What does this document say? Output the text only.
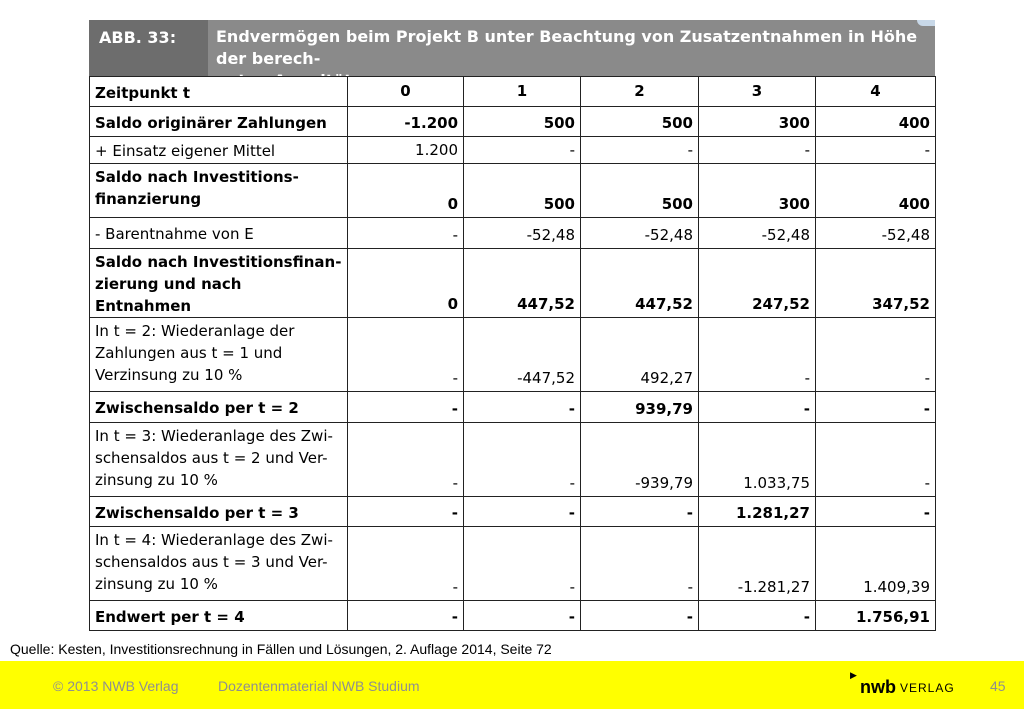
ABB. 33:	Endvermögen beim Projekt B unter Beachtung von Zusatzentnahmen in Höhe der berech-
neten Annuität
Zeitpunkt t	0	1	2	3	4
Saldo originärer Zahlungen	-1.200	500	500	300	400
+ Einsatz eigener Mittel	1.200	-	-	-	-
Saldo nach Investitions-
finanzierung	0	500	500	300	400
- Barentnahme von E	-	-52,48	-52,48	-52,48	-52,48
Saldo nach Investitionsfinan-
zierung und nach Entnahmen	0	447,52	447,52	247,52	347,52
In t = 2: Wiederanlage der
Zahlungen aus t = 1 und
Verzinsung zu 10 %	-	-447,52	492,27	-	-
Zwischensaldo per t = 2	-	-	939,79	-	-
In t = 3: Wiederanlage des Zwi-
schensaldos aus t = 2 und Ver-
zinsung zu 10 %	-	-	-939,79	1.033,75	-
Zwischensaldo per t = 3	-	-	-	1.281,27	-
In t = 4: Wiederanlage des Zwi-
schensaldos aus t = 3 und Ver-
zinsung zu 10 %	-	-	-	-1.281,27	1.409,39
Endwert per t = 4	-	-	-	-	1.756,91
Quelle: Kesten, Investitionsrechnung in Fällen und Lösungen, 2. Auflage 2014, Seite 72
© 2013 NWB Verlag	Dozentenmaterial NWB Studium
▶
nwb VERLAG	45
